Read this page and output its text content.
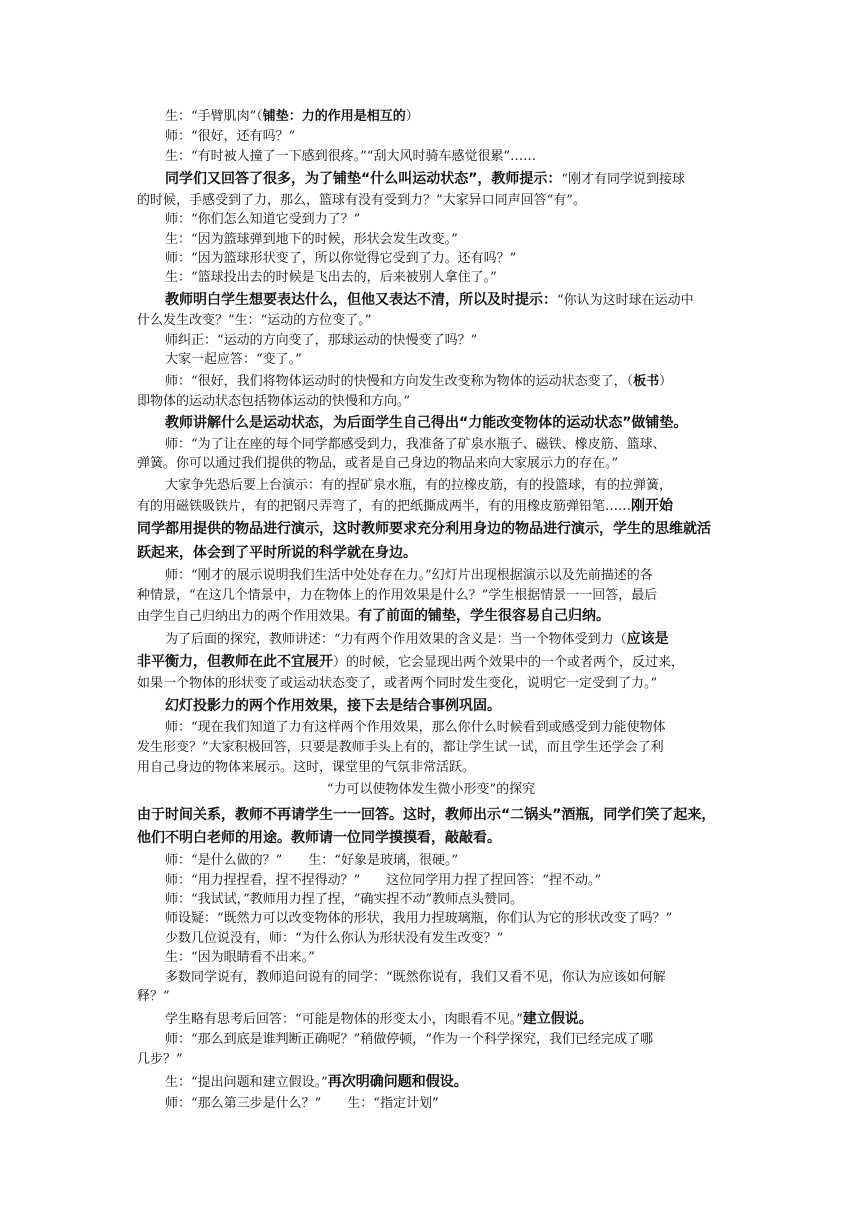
生：“手臂肌肉”（铺垫：力的作用是相互的）
师：“很好，还有吗？”
生：“有时被人撞了一下感到很疼。”“刮大风时骑车感觉很累”……
同学们又回答了很多，为了铺垫“什么叫运动状态”，教师提示：“刚才有同学说到接球
的时候，手感受到了力，那么，篮球有没有受到力？”大家异口同声回答“有”。
师：“你们怎么知道它受到力了？”
生：“因为篮球弹到地下的时候，形状会发生改变。”
师：“因为篮球形状变了，所以你觉得它受到了力。还有吗？”
生：“篮球投出去的时候是飞出去的，后来被别人拿住了。”
教师明白学生想要表达什么，但他又表达不清，所以及时提示：“你认为这时球在运动中
什么发生改变？”生：“运动的方位变了。”
师纠正：“运动的方向变了，那球运动的快慢变了吗？”
大家一起应答：“变了。”
师：“很好，我们将物体运动时的快慢和方向发生改变称为物体的运动状态变了，（板书）
即物体的运动状态包括物体运动的快慢和方向。”
教师讲解什么是运动状态，为后面学生自己得出“力能改变物体的运动状态”做铺垫。
师：“为了让在座的每个同学都感受到力，我准备了矿泉水瓶子、磁铁、橡皮筋、篮球、
弹簧。你可以通过我们提供的物品，或者是自己身边的物品来向大家展示力的存在。”
大家争先恐后要上台演示：有的捏矿泉水瓶，有的拉橡皮筋，有的投篮球，有的拉弹簧，
有的用磁铁吸铁片，有的把钢尺弄弯了，有的把纸撕成两半，有的用橡皮筋弹铅笔……刚开始
同学都用提供的物品进行演示，这时教师要求充分利用身边的物品进行演示，学生的思维就活
跃起来，体会到了平时所说的科学就在身边。
师：“刚才的展示说明我们生活中处处存在力。”幻灯片出现根据演示以及先前描述的各
种情景，“在这几个情景中，力在物体上的作用效果是什么？”学生根据情景一一回答，最后
由学生自己归纳出力的两个作用效果。有了前面的铺垫，学生很容易自己归纳。
为了后面的探究，教师讲述：“力有两个作用效果的含义是：当一个物体受到力（应该是
非平衡力，但教师在此不宜展开）的时候，它会显现出两个效果中的一个或者两个，反过来，
如果一个物体的形状变了或运动状态变了，或者两个同时发生变化，说明它一定受到了力。”
幻灯投影力的两个作用效果，接下去是结合事例巩固。
师：“现在我们知道了力有这样两个作用效果，那么你什么时候看到或感受到力能使物体
发生形变？”大家积极回答，只要是教师手头上有的，都让学生试一试，而且学生还学会了利
用自己身边的物体来展示。这时，课堂里的气氛非常活跃。
“力可以使物体发生微小形变”的探究
由于时间关系，教师不再请学生一一回答。这时，教师出示“二锅头”酒瓶，同学们笑了起来，
他们不明白老师的用途。教师请一位同学摸摸看，敲敲看。
师：“是什么做的？”　　生：“好象是玻璃，很硬。”
师：“用力捏捏看，捏不捏得动？”　　这位同学用力捏了捏回答：“捏不动。”
师：“我试试，”教师用力捏了捏，“确实捏不动”教师点头赞同。
师设疑：“既然力可以改变物体的形状，我用力捏玻璃瓶，你们认为它的形状改变了吗？”
少数几位说没有，师：“为什么你认为形状没有发生改变？”
生：“因为眼睛看不出来。”
多数同学说有，教师追问说有的同学：“既然你说有，我们又看不见，你认为应该如何解
释？”
学生略有思考后回答：“可能是物体的形变太小，肉眼看不见。”建立假说。
师：“那么到底是谁判断正确呢？”稍做停顿，“作为一个科学探究，我们已经完成了哪
几步？”
生：“提出问题和建立假设。”再次明确问题和假设。
师：“那么第三步是什么？”　　生：“指定计划”
